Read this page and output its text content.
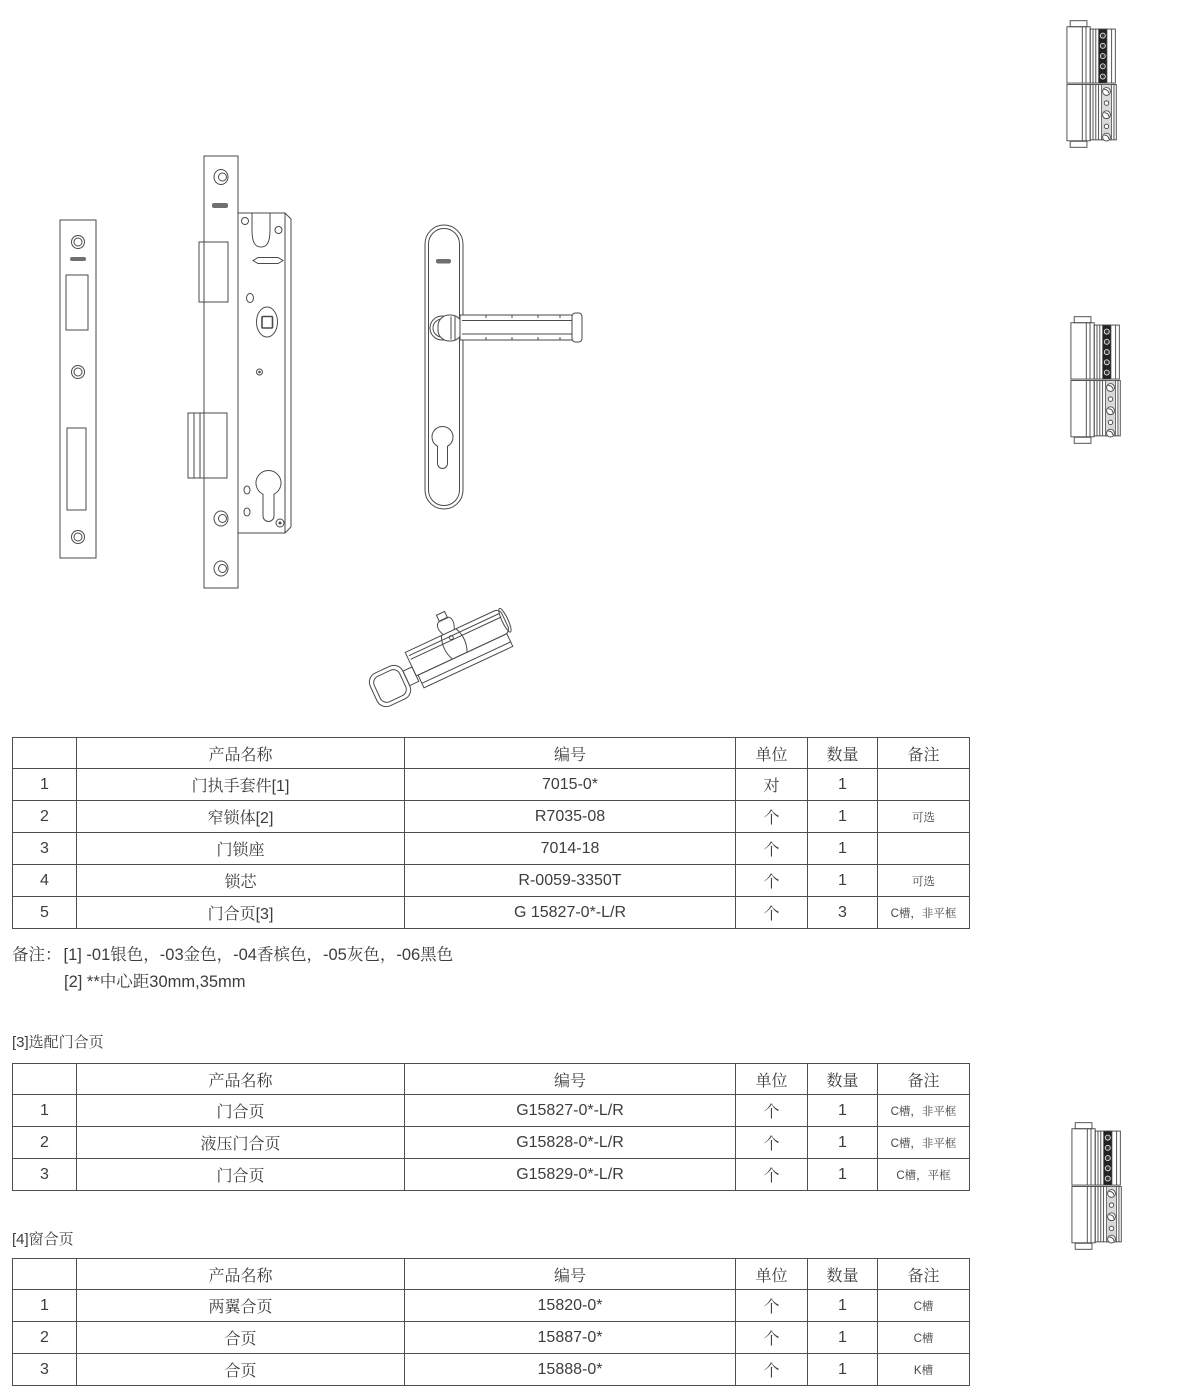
	产品名称	编号	单位	数量	备注
1	门执手套件[1]	7015-0*	对	1	
2	窄锁体[2]	R7035-08	个	1	可选
3	门锁座	7014-18	个	1	
4	锁芯	R-0059-3350T	个	1	可选
5	门合页[3]	G 15827-0*-L/R	个	3	C槽，非平框
备注： [1] -01银色，-03金色，-04香槟色，-05灰色，-06黑色
[2] **中心距30mm,35mm
[3]选配门合页
	产品名称	编号	单位	数量	备注
1	门合页	G15827-0*-L/R	个	1	C槽，非平框
2	液压门合页	G15828-0*-L/R	个	1	C槽，非平框
3	门合页	G15829-0*-L/R	个	1	C槽，平框
[4]窗合页
	产品名称	编号	单位	数量	备注
1	两翼合页	15820-0*	个	1	C槽
2	合页	15887-0*	个	1	C槽
3	合页	15888-0*	个	1	K槽
